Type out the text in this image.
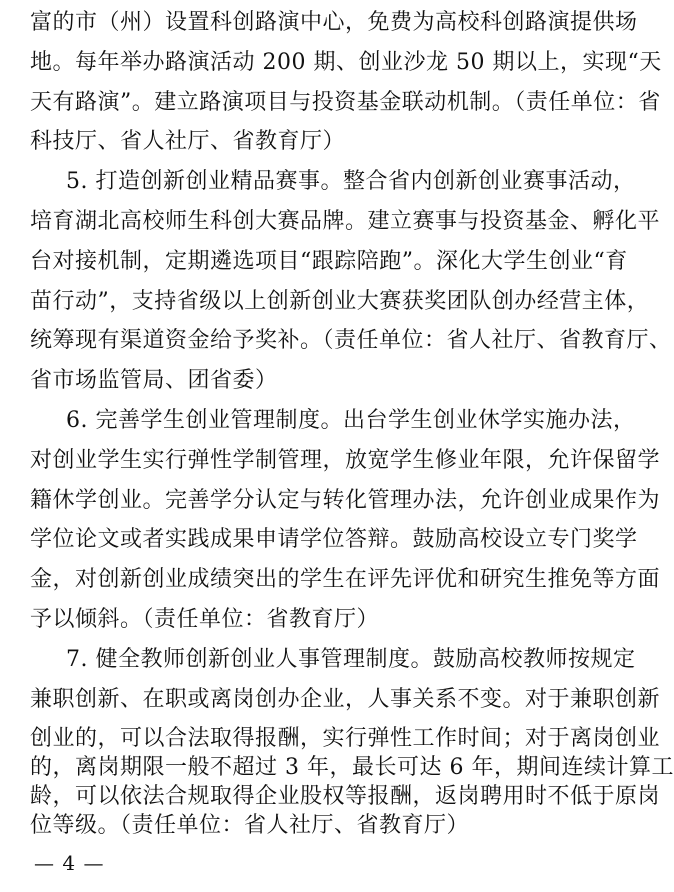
富的市（州）设置科创路演中心，免费为高校科创路演提供场
地。每年举办路演活动 200 期、创业沙龙 50 期以上，实现“天
天有路演”。建立路演项目与投资基金联动机制。（责任单位：省
科技厅、省人社厅、省教育厅）
5. 打造创新创业精品赛事。整合省内创新创业赛事活动，
培育湖北高校师生科创大赛品牌。建立赛事与投资基金、孵化平
台对接机制，定期遴选项目“跟踪陪跑”。深化大学生创业“育
苗行动”，支持省级以上创新创业大赛获奖团队创办经营主体，
统筹现有渠道资金给予奖补。（责任单位：省人社厅、省教育厅、
省市场监管局、团省委）
6. 完善学生创业管理制度。出台学生创业休学实施办法，
对创业学生实行弹性学制管理，放宽学生修业年限，允许保留学
籍休学创业。完善学分认定与转化管理办法，允许创业成果作为
学位论文或者实践成果申请学位答辩。鼓励高校设立专门奖学
金，对创新创业成绩突出的学生在评先评优和研究生推免等方面
予以倾斜。（责任单位：省教育厅）
7. 健全教师创新创业人事管理制度。鼓励高校教师按规定
兼职创新、在职或离岗创办企业，人事关系不变。对于兼职创新
创业的，可以合法取得报酬，实行弹性工作时间；对于离岗创业
的，离岗期限一般不超过 3 年，最长可达 6 年，期间连续计算工
龄，可以依法合规取得企业股权等报酬，返岗聘用时不低于原岗
— 4 —
位等级。（责任单位：省人社厅、省教育厅）
